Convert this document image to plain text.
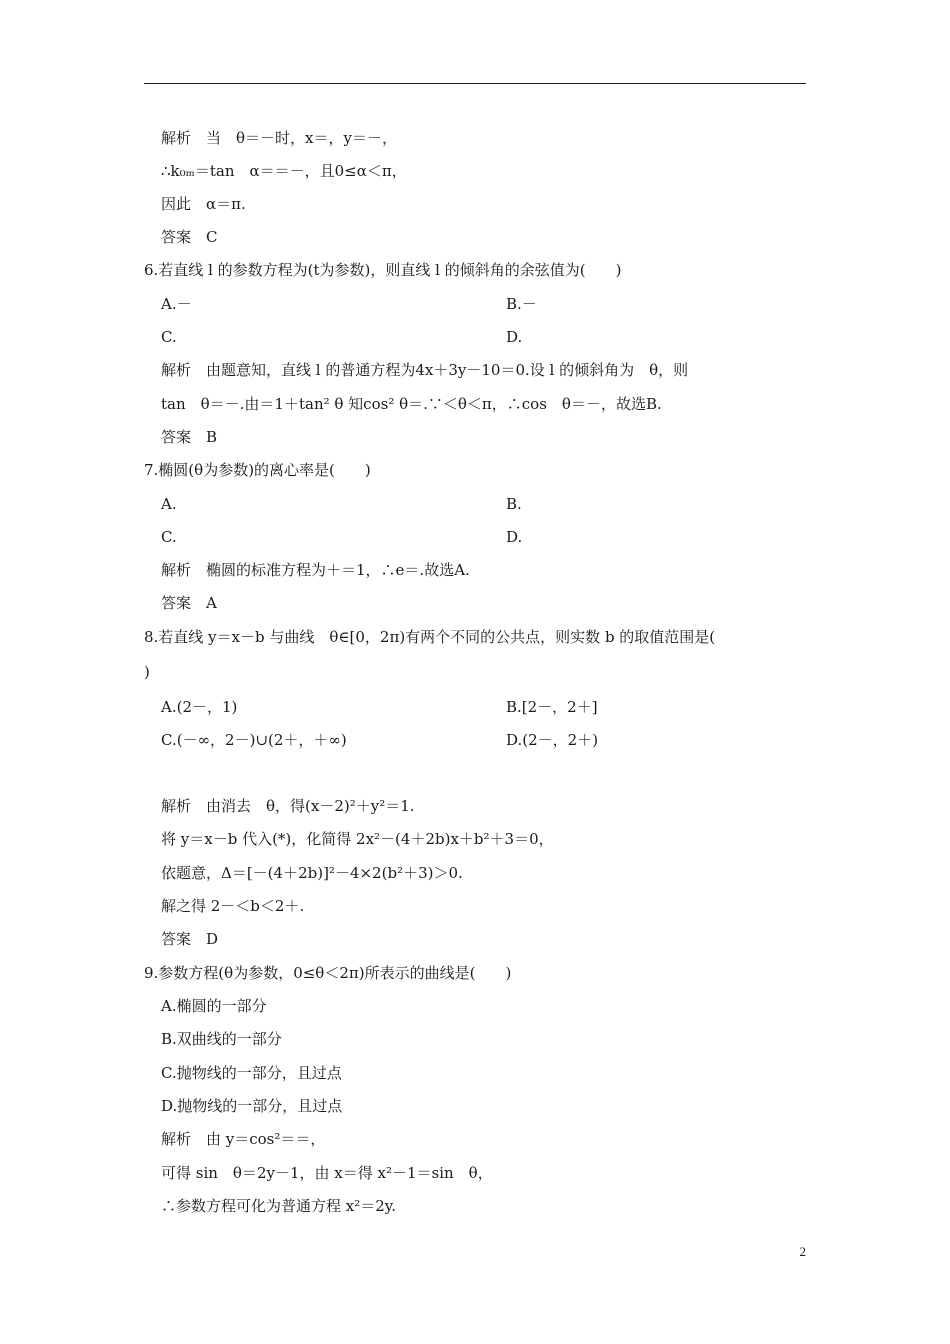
解析　当　θ＝－时，x＝，y＝－，
∴k₀ₘ＝tan　α＝＝－，且0≤α＜π，
因此　α＝π.
答案　C
6.若直线 l 的参数方程为(t为参数)，则直线 l 的倾斜角的余弦值为(　　)
A.－	B.－
C.	D.
解析　由题意知，直线 l 的普通方程为4x＋3y－10＝0.设 l 的倾斜角为　θ，则
tan　θ＝－.由＝1＋tan² θ 知cos² θ＝.∵＜θ＜π，∴cos　θ＝－，故选B.
答案　B
7.椭圆(θ为参数)的离心率是(　　)
A.	B.
C.	D.
解析　椭圆的标准方程为＋＝1，∴e＝.故选A.
答案　A
8.若直线 y＝x－b 与曲线　θ∈[0，2π)有两个不同的公共点，则实数 b 的取值范围是(
)
A.(2－，1)	B.[2－，2＋]
C.(－∞，2－)∪(2＋，＋∞)	D.(2－，2＋)
解析　由消去　θ，得(x－2)²＋y²＝1.
将 y＝x－b 代入(*)，化简得 2x²－(4＋2b)x＋b²＋3＝0，
依题意，Δ＝[－(4＋2b)]²－4×2(b²＋3)＞0.
解之得 2－＜b＜2＋.
答案　D
9.参数方程(θ为参数，0≤θ＜2π)所表示的曲线是(　　)
A.椭圆的一部分
B.双曲线的一部分
C.抛物线的一部分，且过点
D.抛物线的一部分，且过点
解析　由 y＝cos²＝＝，
可得 sin　θ＝2y－1，由 x＝得 x²－1＝sin　θ，
∴参数方程可化为普通方程 x²＝2y.
2
